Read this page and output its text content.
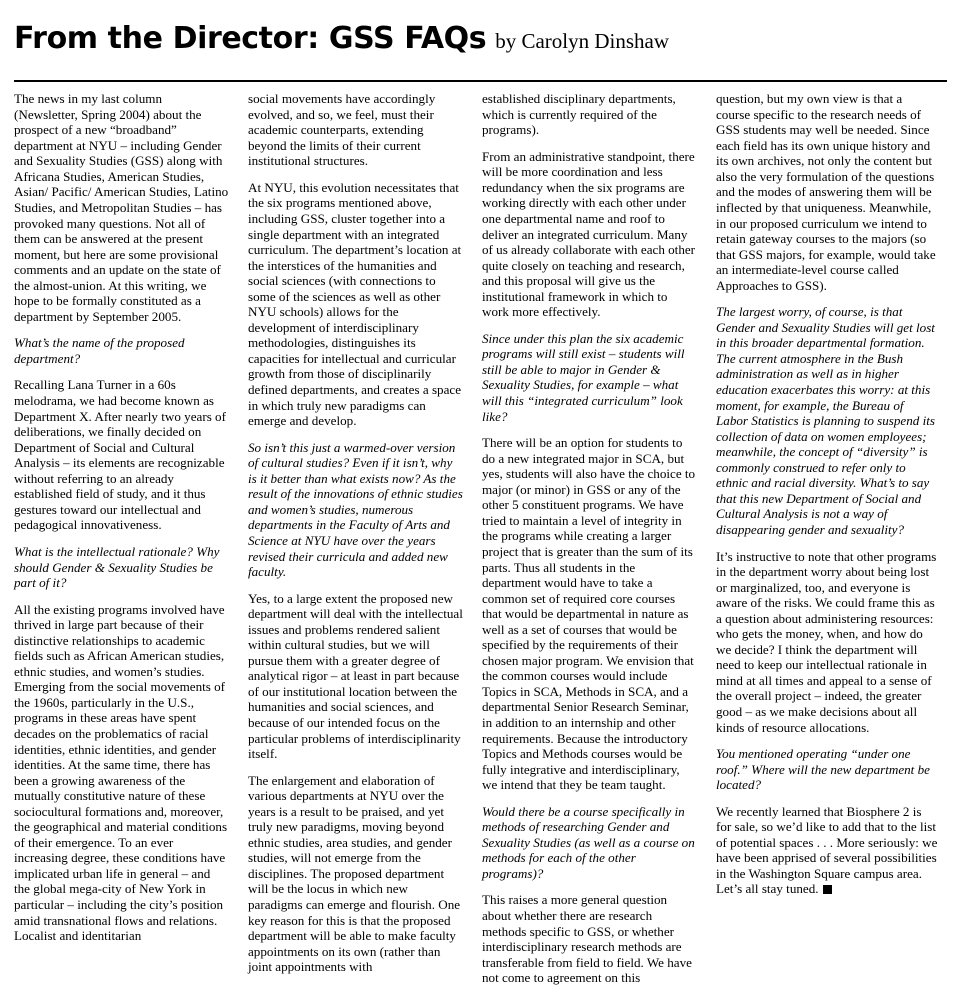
From the Director: GSS FAQs by Carolyn Dinshaw

The news in my last column (Newsletter, Spring 2004) about the prospect of a new “broadband” department at NYU – including Gender and Sexuality Studies (GSS) along with Africana Studies, American Studies, Asian/ Pacific/ American Studies, Latino Studies, and Metropolitan Studies – has provoked many questions. Not all of them can be answered at the present moment, but here are some provisional comments and an update on the state of the almost-union. At this writing, we hope to be formally constituted as a department by September 2005.

What’s the name of the proposed department?

Recalling Lana Turner in a 60s melodrama, we had become known as Department X. After nearly two years of deliberations, we finally decided on Department of Social and Cultural Analysis – its elements are recognizable without referring to an already established field of study, and it thus gestures toward our intellectual and pedagogical innovativeness.

What is the intellectual rationale? Why should Gender & Sexuality Studies be part of it?

All the existing programs involved have thrived in large part because of their distinctive relationships to academic fields such as African American studies, ethnic studies, and women’s studies. Emerging from the social movements of the 1960s, particularly in the U.S., programs in these areas have spent decades on the problematics of racial identities, ethnic identities, and gender identities. At the same time, there has been a growing awareness of the mutually constitutive nature of these sociocultural formations and, moreover, the geographical and material conditions of their emergence. To an ever increasing degree, these conditions have implicated urban life in general – and the global mega-city of New York in particular – including the city’s position amid transnational flows and relations. Localist and identitarian

social movements have accordingly evolved, and so, we feel, must their academic counterparts, extending beyond the limits of their current institutional structures.

At NYU, this evolution necessitates that the six programs mentioned above, including GSS, cluster together into a single department with an integrated curriculum. The department’s location at the interstices of the humanities and social sciences (with connections to some of the sciences as well as other NYU schools) allows for the development of interdisciplinary methodologies, distinguishes its capacities for intellectual and curricular growth from those of disciplinarily defined departments, and creates a space in which truly new paradigms can emerge and develop.

So isn’t this just a warmed-over version of cultural studies? Even if it isn’t, why is it better than what exists now? As the result of the innovations of ethnic studies and women’s studies, numerous departments in the Faculty of Arts and Science at NYU have over the years revised their curricula and added new faculty.

Yes, to a large extent the proposed new department will deal with the intellectual issues and problems rendered salient within cultural studies, but we will pursue them with a greater degree of analytical rigor – at least in part because of our institutional location between the humanities and social sciences, and because of our intended focus on the particular problems of interdisciplinarity itself.

The enlargement and elaboration of various departments at NYU over the years is a result to be praised, and yet truly new paradigms, moving beyond ethnic studies, area studies, and gender studies, will not emerge from the disciplines. The proposed department will be the locus in which new paradigms can emerge and flourish. One key reason for this is that the proposed department will be able to make faculty appointments on its own (rather than joint appointments with

established disciplinary departments, which is currently required of the programs).

From an administrative standpoint, there will be more coordination and less redundancy when the six programs are working directly with each other under one departmental name and roof to deliver an integrated curriculum. Many of us already collaborate with each other quite closely on teaching and research, and this proposal will give us the institutional framework in which to work more effectively.

Since under this plan the six academic programs will still exist – students will still be able to major in Gender & Sexuality Studies, for example – what will this “integrated curriculum” look like?

There will be an option for students to do a new integrated major in SCA, but yes, students will also have the choice to major (or minor) in GSS or any of the other 5 constituent programs. We have tried to maintain a level of integrity in the programs while creating a larger project that is greater than the sum of its parts. Thus all students in the department would have to take a common set of required core courses that would be departmental in nature as well as a set of courses that would be specified by the requirements of their chosen major program. We envision that the common courses would include Topics in SCA, Methods in SCA, and a departmental Senior Research Seminar, in addition to an internship and other requirements. Because the introductory Topics and Methods courses would be fully integrative and interdisciplinary, we intend that they be team taught.

Would there be a course specifically in methods of researching Gender and Sexuality Studies (as well as a course on methods for each of the other programs)?

This raises a more general question about whether there are research methods specific to GSS, or whether interdisciplinary research methods are transferable from field to field. We have not come to agreement on this

question, but my own view is that a course specific to the research needs of GSS students may well be needed. Since each field has its own unique history and its own archives, not only the content but also the very formulation of the questions and the modes of answering them will be inflected by that uniqueness. Meanwhile, in our proposed curriculum we intend to retain gateway courses to the majors (so that GSS majors, for example, would take an intermediate-level course called Approaches to GSS).

The largest worry, of course, is that Gender and Sexuality Studies will get lost in this broader departmental formation. The current atmosphere in the Bush administration as well as in higher education exacerbates this worry: at this moment, for example, the Bureau of Labor Statistics is planning to suspend its collection of data on women employees; meanwhile, the concept of “diversity” is commonly construed to refer only to ethnic and racial diversity. What’s to say that this new Department of Social and Cultural Analysis is not a way of disappearing gender and sexuality?

It’s instructive to note that other programs in the department worry about being lost or marginalized, too, and everyone is aware of the risks. We could frame this as a question about administering resources: who gets the money, when, and how do we decide? I think the department will need to keep our intellectual rationale in mind at all times and appeal to a sense of the overall project – indeed, the greater good – as we make decisions about all kinds of resource allocations.

You mentioned operating “under one roof.” Where will the new department be located?

We recently learned that Biosphere 2 is for sale, so we’d like to add that to the list of potential spaces . . . More seriously: we have been apprised of several possibilities in the Washington Square campus area. Let’s all stay tuned.
